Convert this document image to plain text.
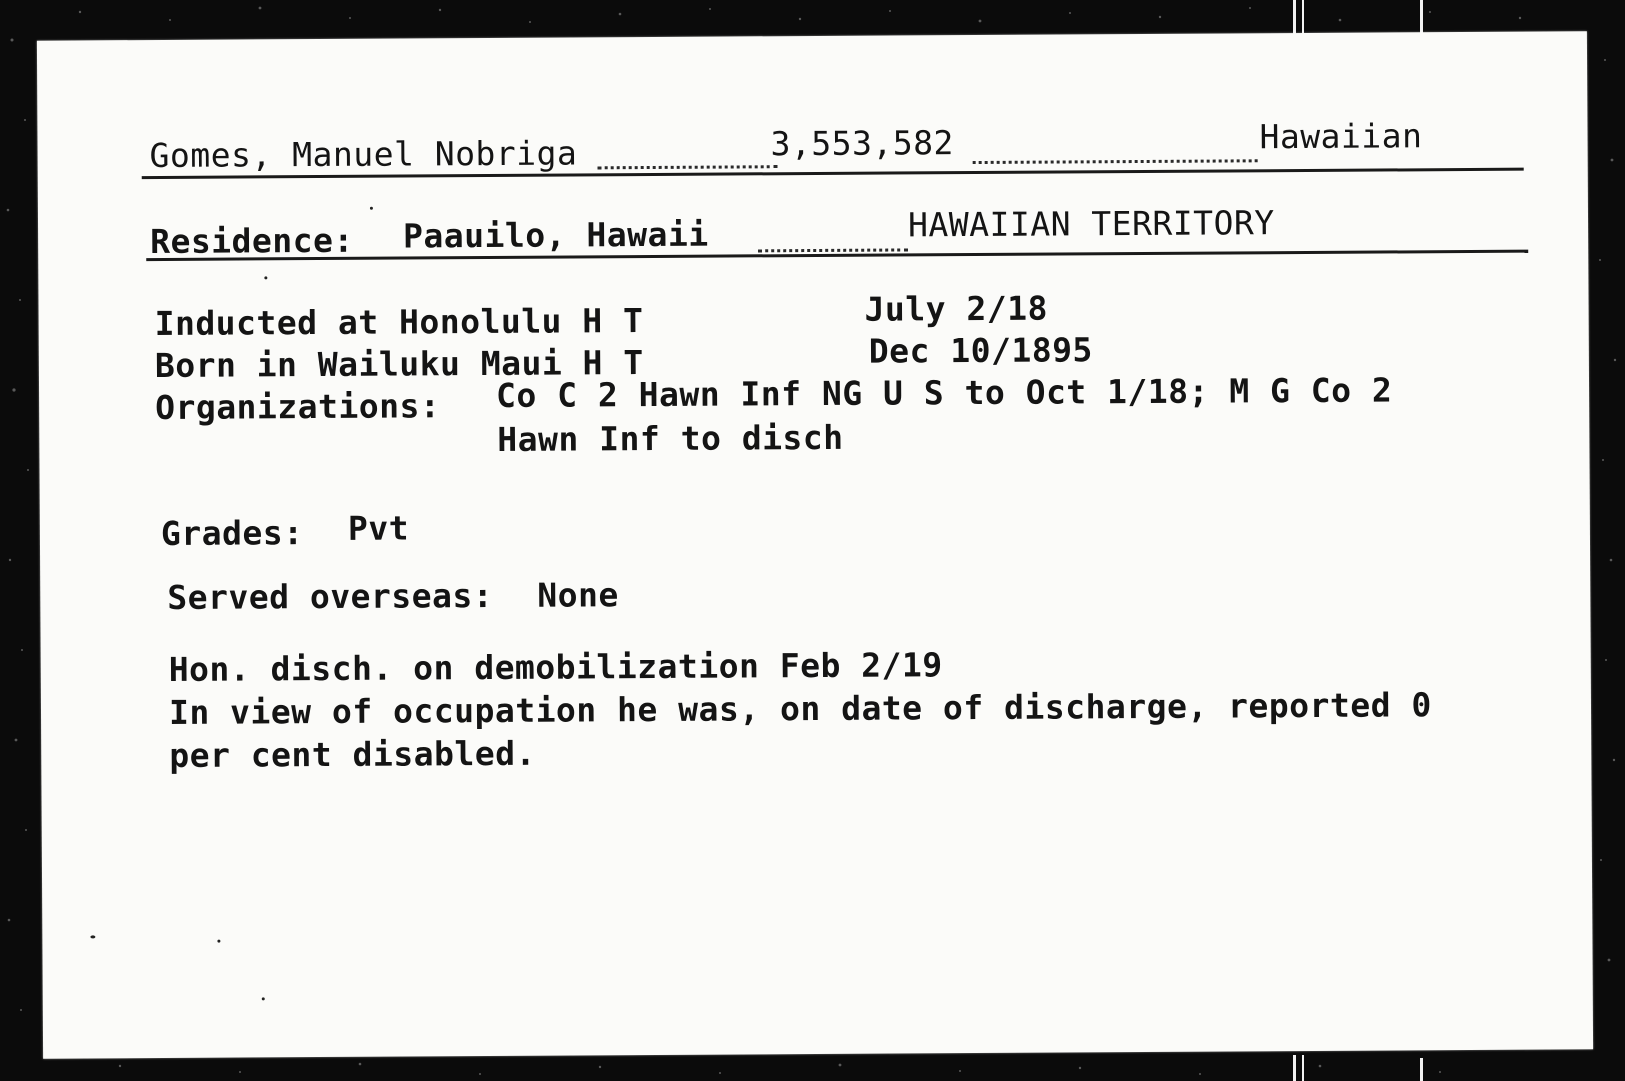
Gomes, Manuel Nobriga	3,553,582	Hawaiian
Residence: Paauilo, Hawaii	HAWAIIAN TERRITORY
Inducted at Honolulu H T	July 2/18
Born in Wailuku Maui H T	Dec 10/1895
Organizations: Co C 2 Hawn Inf NG U S to Oct 1/18; M G Co 2
Hawn Inf to disch
Grades: Pvt
Served overseas: None
Hon. disch. on demobilization Feb 2/19
In view of occupation he was, on date of discharge, reported 0
per cent disabled.
